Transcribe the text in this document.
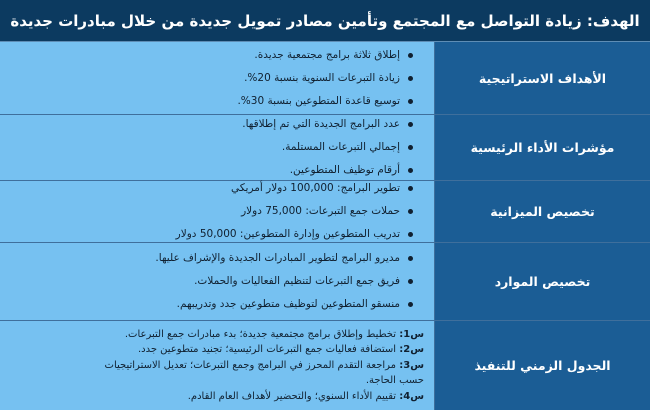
الهدف: زيادة التواصل مع المجتمع وتأمين مصادر تمويل جديدة من خلال مبادرات جديدة
الأهداف الاستراتيجية
إطلاق ثلاثة برامج مجتمعية جديدة.
زيادة التبرعات السنوية بنسبة 20%.
توسيع قاعدة المتطوعين بنسبة 30%.
مؤشرات الأداء الرئيسية
عدد البرامج الجديدة التي تم إطلاقها.
إجمالي التبرعات المستلمة.
أرقام توظيف المتطوعين.
تخصيص الميزانية
تطوير البرامج: 100,000 دولار أمريكي
حملات جمع التبرعات: 75,000 دولار
تدريب المتطوعين وإدارة المتطوعين: 50,000 دولار
تخصيص الموارد
مديرو البرامج لتطوير المبادرات الجديدة والإشراف عليها.
فريق جمع التبرعات لتنظيم الفعاليات والحملات.
منسقو المتطوعين لتوظيف متطوعين جدد وتدريبهم.
الجدول الزمني للتنفيذ
س1: تخطيط وإطلاق برامج مجتمعية جديدة؛ بدء مبادرات جمع التبرعات.
س2: استضافة فعاليات جمع التبرعات الرئيسية؛ تجنيد متطوعين جدد.
س3: مراجعة التقدم المحرز في البرامج وجمع التبرعات؛ تعديل الاستراتيجيات
حسب الحاجة.
س4: تقييم الأداء السنوي؛ والتحضير لأهداف العام القادم.
